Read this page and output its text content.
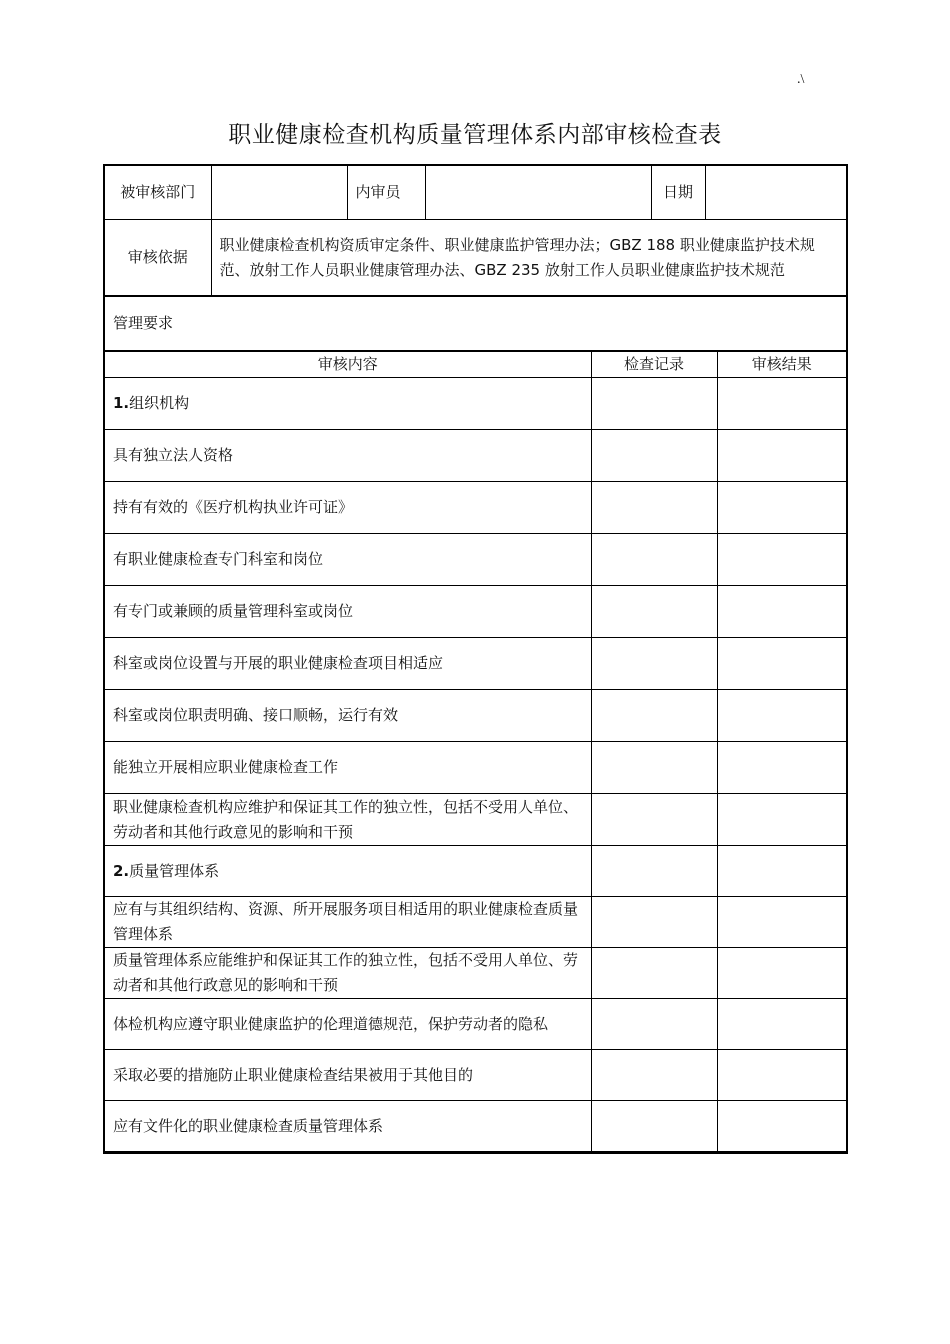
.\
职业健康检查机构质量管理体系内部审核检查表
被审核部门		内审员		日期	
审核依据	职业健康检查机构资质审定条件、职业健康监护管理办法；GBZ 188 职业健康监护技术规范、放射工作人员职业健康管理办法、GBZ 235 放射工作人员职业健康监护技术规范				
管理要求		
审核内容	检查记录	审核结果
1.组织机构		
具有独立法人资格		
持有有效的《医疗机构执业许可证》		
有职业健康检查专门科室和岗位		
有专门或兼顾的质量管理科室或岗位		
科室或岗位设置与开展的职业健康检查项目相适应		
科室或岗位职责明确、接口顺畅，运行有效		
能独立开展相应职业健康检查工作		
职业健康检查机构应维护和保证其工作的独立性，包括不受用人单位、劳动者和其他行政意见的影响和干预		
2.质量管理体系		
应有与其组织结构、资源、所开展服务项目相适用的职业健康检查质量管理体系		
质量管理体系应能维护和保证其工作的独立性，包括不受用人单位、劳动者和其他行政意见的影响和干预		
体检机构应遵守职业健康监护的伦理道德规范，保护劳动者的隐私		
采取必要的措施防止职业健康检查结果被用于其他目的		
应有文件化的职业健康检查质量管理体系		
